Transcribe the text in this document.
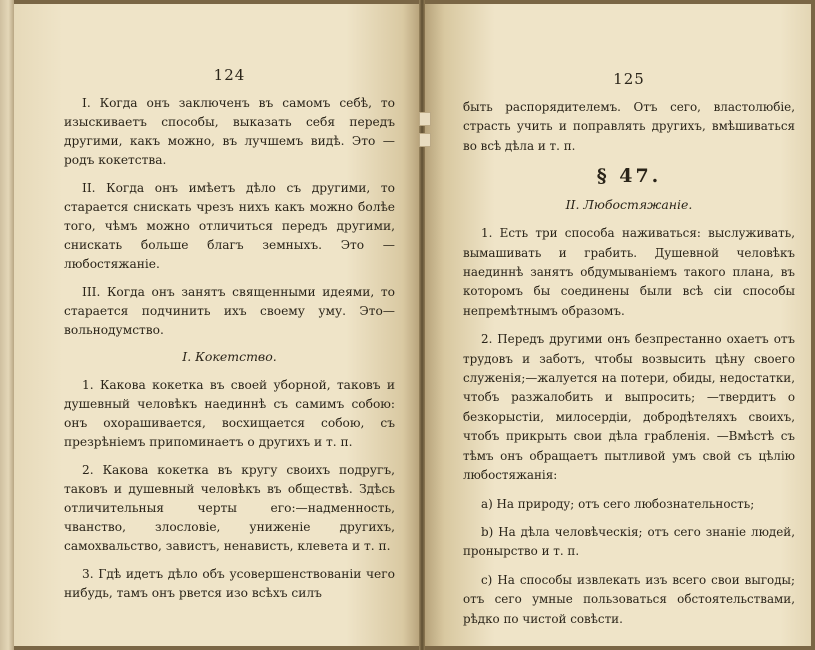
124

I. Когда онъ заключенъ въ самомъ себѣ, то изыскиваетъ способы, выказать себя передъ другими, какъ можно, въ лучшемъ видѣ. Это —родъ кокетства.

II. Когда онъ имѣетъ дѣло съ другими, то старается снискать чрезъ нихъ какъ можно болѣе того, чѣмъ можно отличиться передъ другими, снискать больше благъ земныхъ. Это — любостяжаніе.

III. Когда онъ занятъ священными идеями, то старается подчинить ихъ своему уму. Это— вольнодумство.

I. Кокетство.

1. Какова кокетка въ своей уборной, таковъ и душевный человѣкъ наединнѣ съ самимъ собою: онъ охорашивается, восхищается собою, съ презрѣніемъ припоминаетъ о другихъ и т. п.

2. Какова кокетка въ кругу своихъ подругъ, таковъ и душевный человѣкъ въ обществѣ. Здѣсь отличительныя черты его:—надменность, чванство, злословіе, униженіе другихъ, самохвальство, завистъ, ненависть, клевета и т. п.

3. Гдѣ идетъ дѣло объ усовершенствованіи чего нибудь, тамъ онъ рвется изо всѣхъ силъ

125

быть распорядителемъ. Отъ сего, властолюбіе, страсть учить и поправлять другихъ, вмѣшиваться во всѣ дѣла и т. п.

§ 47.
II. Любостяжаніе.

1. Есть три способа наживаться: выслуживать, вымашивать и грабить. Душевной человѣкъ наединнѣ занятъ обдумываніемъ такого плана, въ которомъ бы соединены были всѣ сіи способы непремѣтнымъ образомъ.

2. Передъ другими онъ безпрестанно охаетъ отъ трудовъ и заботъ, чтобы возвысить цѣну своего служенія;—жалуется на потери, обиды, недостатки, чтобъ разжалобить и выпросить; —твердитъ о безкорыстіи, милосердіи, добродѣтеляхъ своихъ, чтобъ прикрыть свои дѣла грабленія. —Вмѣстѣ съ тѣмъ онъ обращаетъ пытливой умъ свой съ цѣлію любостяжанія:

а) На природу; отъ сего любознательность;

b) На дѣла человѣческія; отъ сего знаніе людей, пронырство и т. п.

c) На способы извлекать изъ всего свои выгоды; отъ сего умные пользоваться обстоятельствами, рѣдко по чистой совѣсти.
